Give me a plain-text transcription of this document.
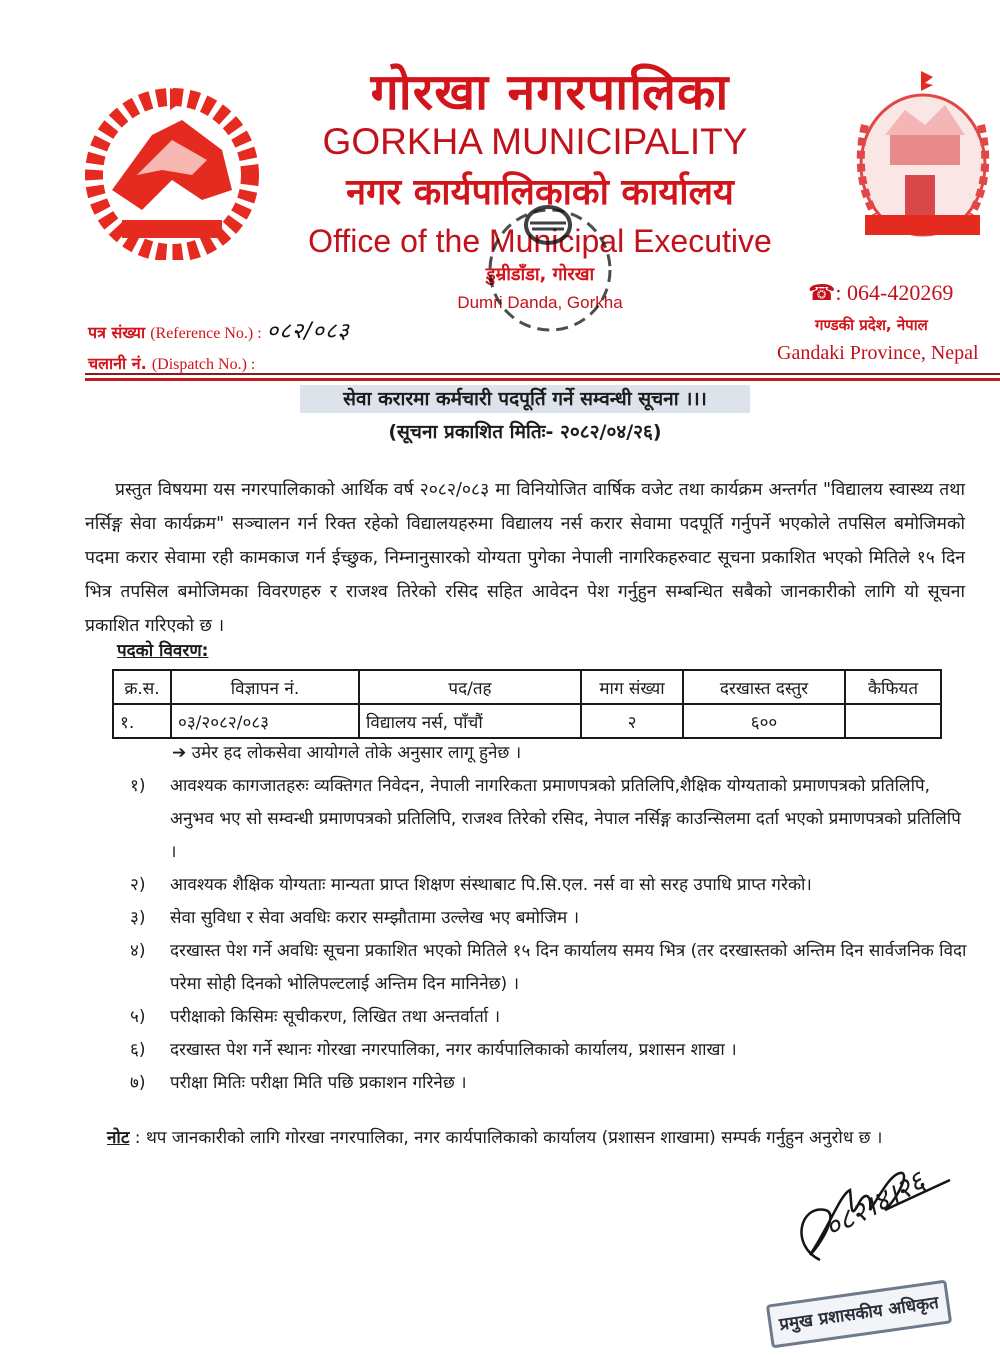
गोरखा नगरपालिका
GORKHA MUNICIPALITY
नगर कार्यपालिकाको कार्यालय
Office of the Municipal Executive
डुम्रीडाँडा, गोरखा
Dumri Danda, Gorkha
पत्र संख्या (Reference No.) : ०८२/०८३
चलानी नं. (Dispatch No.) :
☎: 064-420269
गण्डकी प्रदेश, नेपाल
Gandaki Province, Nepal
सेवा करारमा कर्मचारी पदपूर्ति गर्ने सम्वन्धी सूचना ।।।
(सूचना प्रकाशित मितिः- २०८२/०४/२६)
प्रस्तुत विषयमा यस नगरपालिकाको आर्थिक वर्ष २०८२/०८३ मा विनियोजित वार्षिक वजेट तथा कार्यक्रम अन्तर्गत "विद्यालय स्वास्थ्य तथा नर्सिङ्ग सेवा कार्यक्रम" सञ्चालन गर्न रिक्त रहेको विद्यालयहरुमा विद्यालय नर्स करार सेवामा पदपूर्ति गर्नुपर्ने भएकोले तपसिल बमोजिमको पदमा करार सेवामा रही कामकाज गर्न ईच्छुक, निम्नानुसारको योग्यता पुगेका नेपाली नागरिकहरुवाट सूचना प्रकाशित भएको मितिले १५ दिन भित्र तपसिल बमोजिमका विवरणहरु र राजश्व तिरेको रसिद सहित आवेदन पेश गर्नुहुन सम्बन्धित सबैको जानकारीको लागि यो सूचना प्रकाशित गरिएको छ ।
पदको विवरण:
क्र.स.	विज्ञापन नं.	पद/तह	माग संख्या	दरखास्त दस्तुर	कैफियत
१.	०३/२०८२/०८३	विद्यालय नर्स, पाँचौं	२	६००	
➔ उमेर हद लोकसेवा आयोगले तोके अनुसार लागू हुनेछ ।
१)	आवश्यक कागजातहरुः व्यक्तिगत निवेदन, नेपाली नागरिकता प्रमाणपत्रको प्रतिलिपि,शैक्षिक योग्यताको प्रमाणपत्रको प्रतिलिपि, अनुभव भए सो सम्वन्धी प्रमाणपत्रको प्रतिलिपि, राजश्व तिरेको रसिद, नेपाल नर्सिङ्ग काउन्सिलमा दर्ता भएको प्रमाणपत्रको प्रतिलिपि ।
२)	आवश्यक शैक्षिक योग्यताः मान्यता प्राप्त शिक्षण संस्थाबाट पि.सि.एल. नर्स वा सो सरह उपाधि प्राप्त गरेको।
३)	सेवा सुविधा र सेवा अवधिः करार सम्झौतामा उल्लेख भए बमोजिम ।
४)	दरखास्त पेश गर्ने अवधिः सूचना प्रकाशित भएको मितिले १५ दिन कार्यालय समय भित्र (तर दरखास्तको अन्तिम दिन सार्वजनिक विदा परेमा सोही दिनको भोलिपल्टलाई अन्तिम दिन मानिनेछ) ।
५)	परीक्षाको किसिमः सूचीकरण, लिखित तथा अन्तर्वार्ता ।
६)	दरखास्त पेश गर्ने स्थानः गोरखा नगरपालिका, नगर कार्यपालिकाको कार्यालय, प्रशासन शाखा ।
७)	परीक्षा मितिः परीक्षा मिति पछि प्रकाशन गरिनेछ ।
नोट : थप जानकारीको लागि गोरखा नगरपालिका, नगर कार्यपालिकाको कार्यालय (प्रशासन शाखामा) सम्पर्क गर्नुहुन अनुरोध छ ।
०८२।४।२६
प्रमुख प्रशासकीय अधिकृत
